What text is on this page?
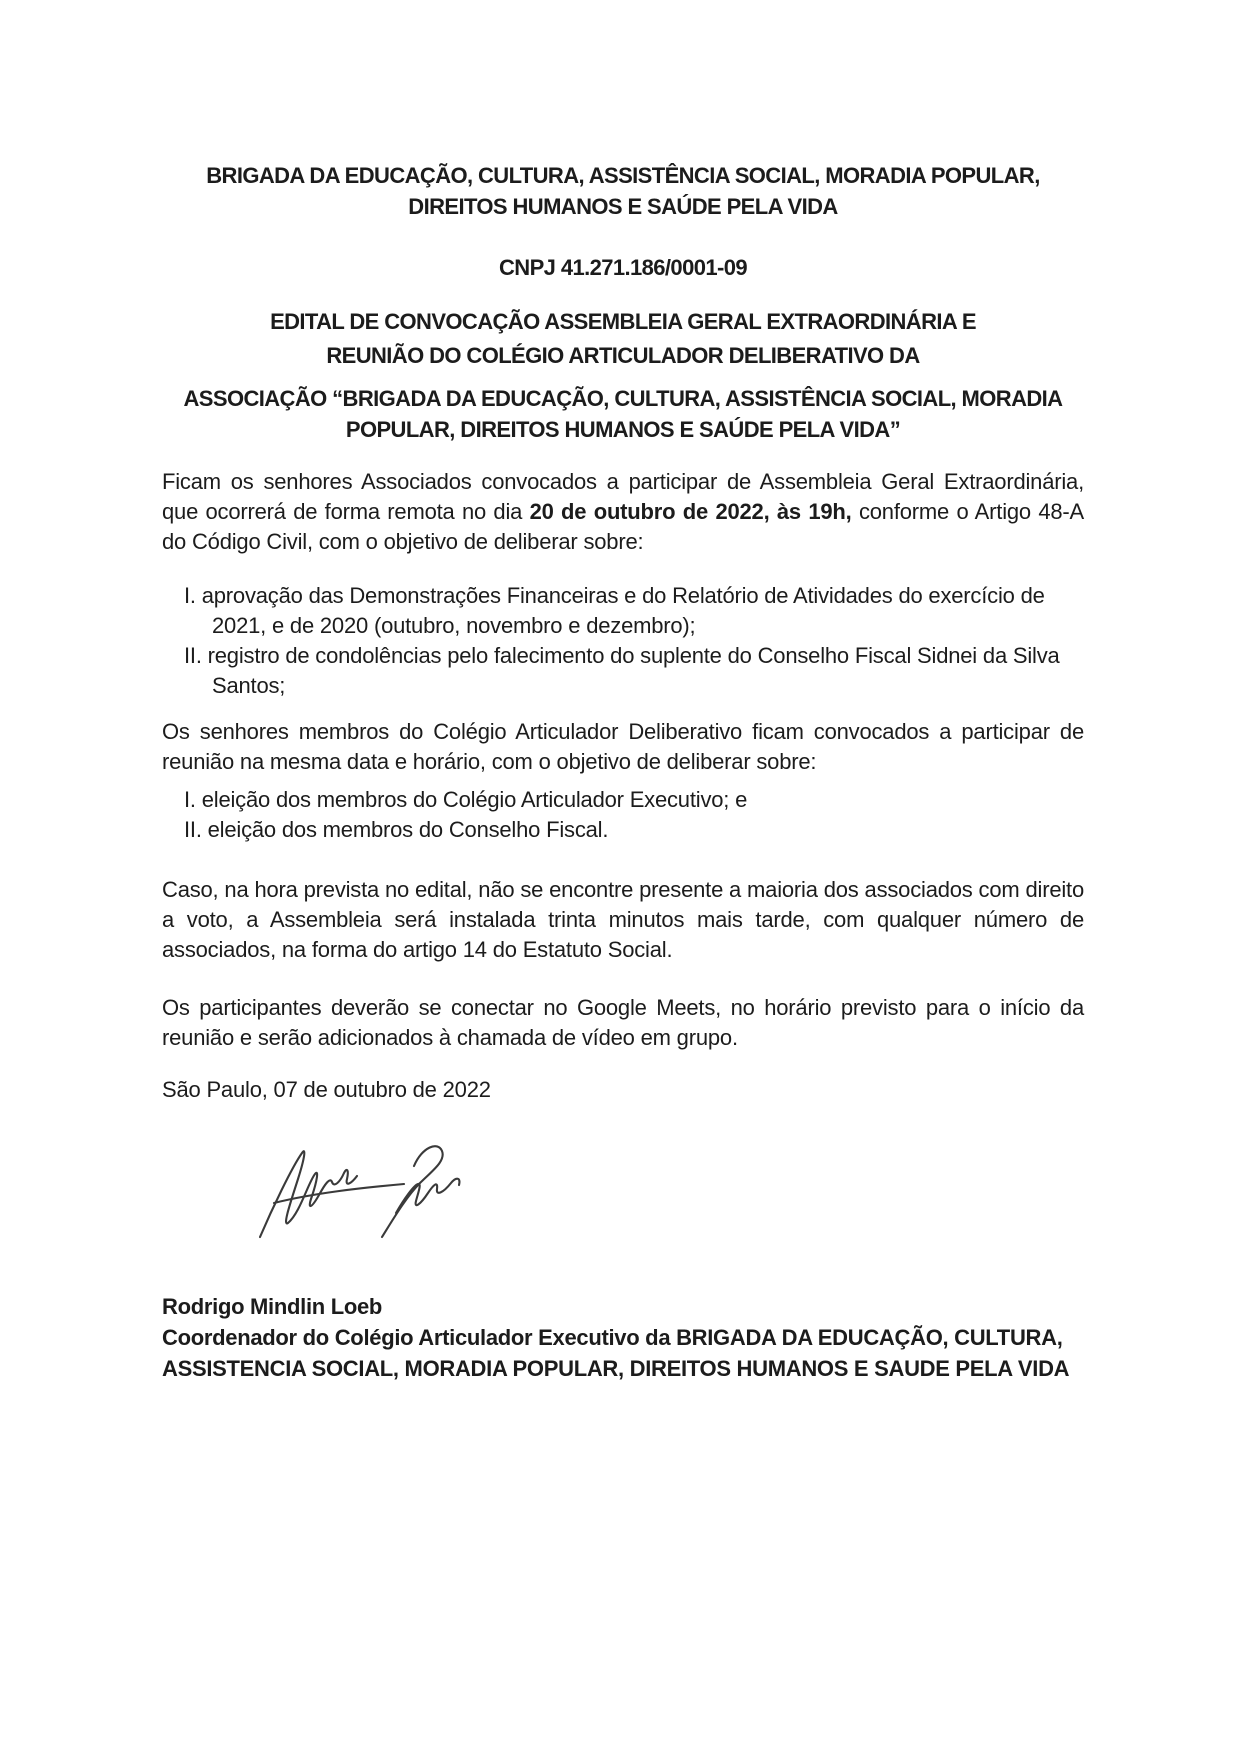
BRIGADA DA EDUCAÇÃO, CULTURA, ASSISTÊNCIA SOCIAL, MORADIA POPULAR, DIREITOS HUMANOS E SAÚDE PELA VIDA
CNPJ 41.271.186/0001-09
EDITAL DE CONVOCAÇÃO ASSEMBLEIA GERAL EXTRAORDINÁRIA E
REUNIÃO DO COLÉGIO ARTICULADOR DELIBERATIVO DA
ASSOCIAÇÃO “BRIGADA DA EDUCAÇÃO, CULTURA, ASSISTÊNCIA SOCIAL, MORADIA POPULAR, DIREITOS HUMANOS E SAÚDE PELA VIDA”
Ficam os senhores Associados convocados a participar de Assembleia Geral Extraordinária, que ocorrerá de forma remota no dia 20 de outubro de 2022, às 19h, conforme o Artigo 48-A do Código Civil, com o objetivo de deliberar sobre:
I. aprovação das Demonstrações Financeiras e do Relatório de Atividades do exercício de 2021, e de 2020 (outubro, novembro e dezembro);
II. registro de condolências pelo falecimento do suplente do Conselho Fiscal Sidnei da Silva Santos;
Os senhores membros do Colégio Articulador Deliberativo ficam convocados a participar de reunião na mesma data e horário, com o objetivo de deliberar sobre:
I. eleição dos membros do Colégio Articulador Executivo; e
II. eleição dos membros do Conselho Fiscal.
Caso, na hora prevista no edital, não se encontre presente a maioria dos associados com direito a voto, a Assembleia será instalada trinta minutos mais tarde, com qualquer número de associados, na forma do artigo 14 do Estatuto Social.
Os participantes deverão se conectar no Google Meets, no horário previsto para o início da reunião e serão adicionados à chamada de vídeo em grupo.
São Paulo, 07 de outubro de 2022
Rodrigo Mindlin Loeb
Coordenador do Colégio Articulador Executivo da BRIGADA DA EDUCAÇÃO, CULTURA, ASSISTENCIA SOCIAL, MORADIA POPULAR, DIREITOS HUMANOS E SAUDE PELA VIDA
